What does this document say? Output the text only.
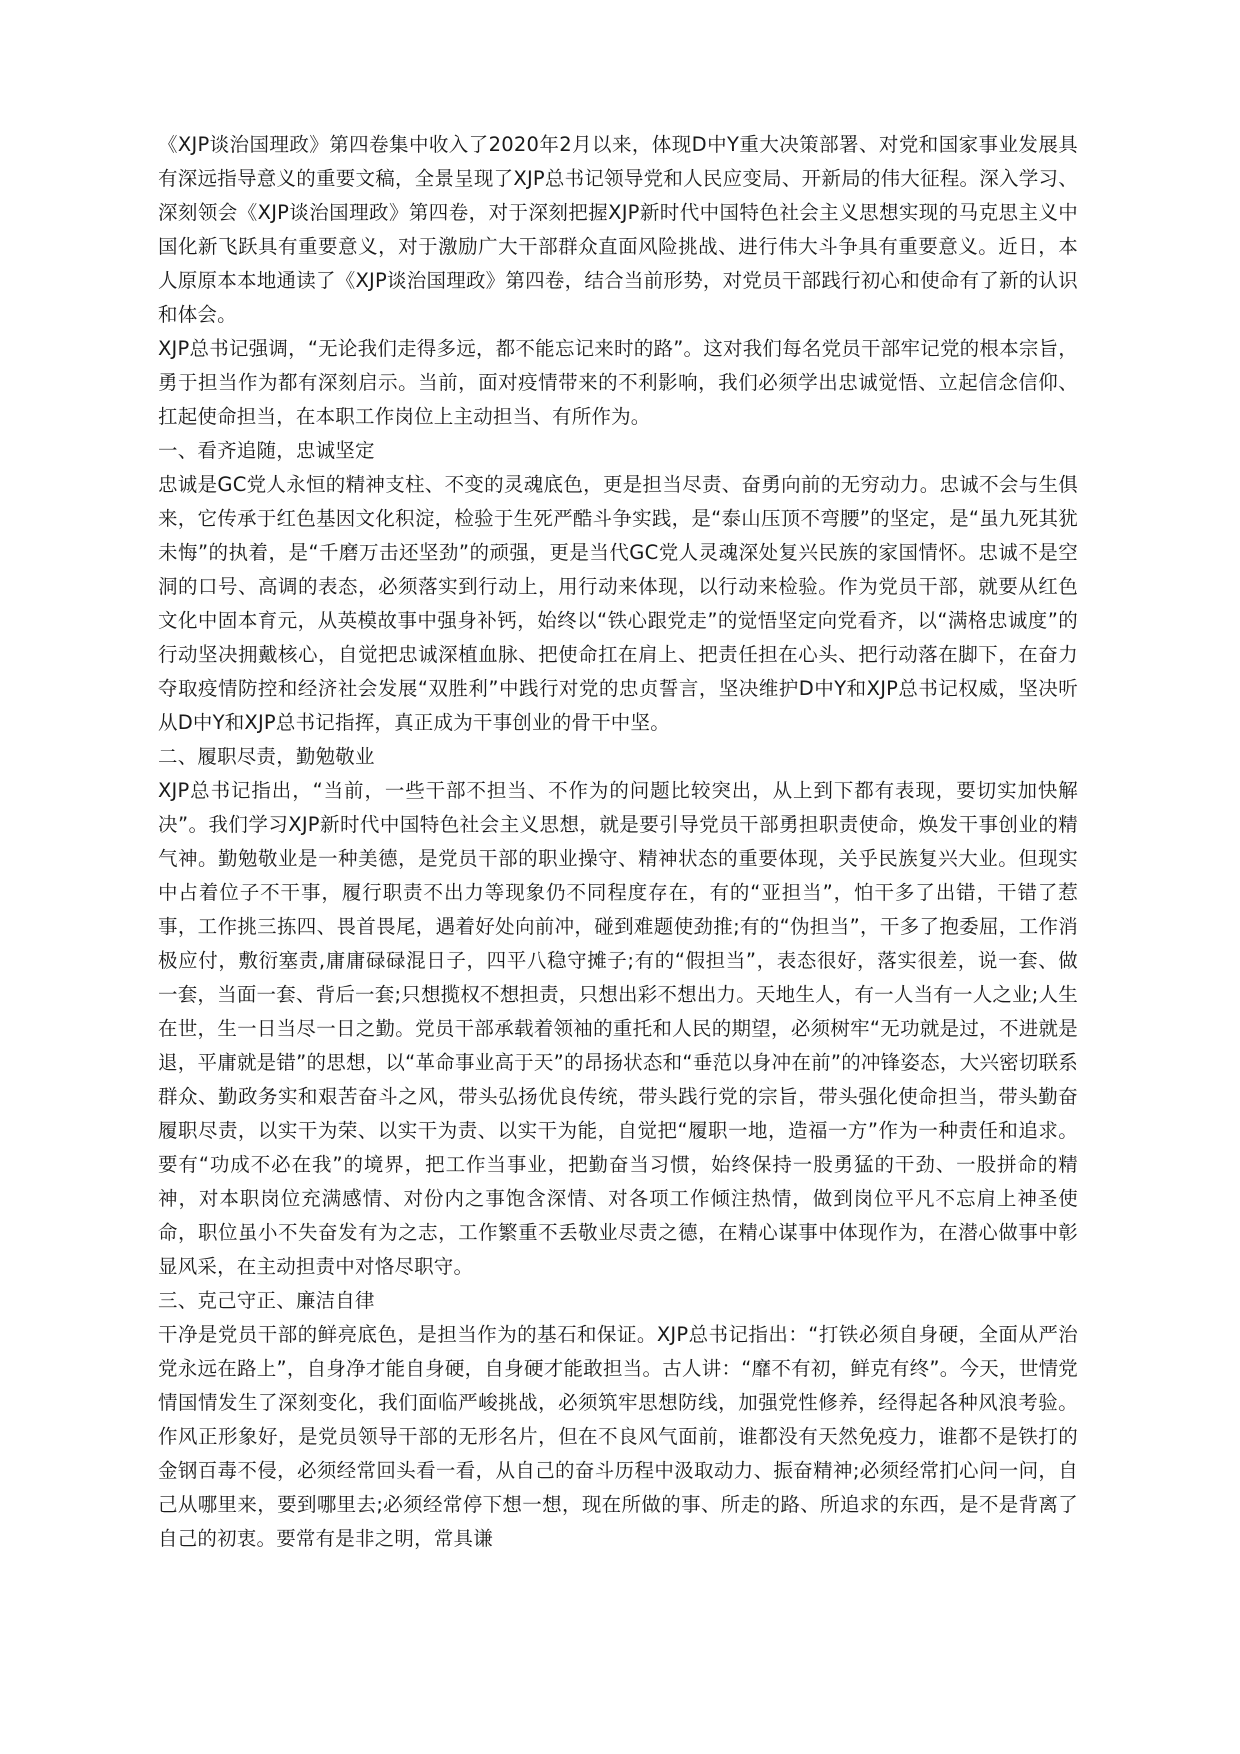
《XJP谈治国理政》第四卷集中收入了2020年2月以来，体现D中Y重大决策部署、对党和国家事业发展具有深远指导意义的重要文稿，全景呈现了XJP总书记领导党和人民应变局、开新局的伟大征程。深入学习、深刻领会《XJP谈治国理政》第四卷，对于深刻把握XJP新时代中国特色社会主义思想实现的马克思主义中国化新飞跃具有重要意义，对于激励广大干部群众直面风险挑战、进行伟大斗争具有重要意义。近日，本人原原本本地通读了《XJP谈治国理政》第四卷，结合当前形势，对党员干部践行初心和使命有了新的认识和体会。

XJP总书记强调，“无论我们走得多远，都不能忘记来时的路”。这对我们每名党员干部牢记党的根本宗旨，勇于担当作为都有深刻启示。当前，面对疫情带来的不利影响，我们必须学出忠诚觉悟、立起信念信仰、扛起使命担当，在本职工作岗位上主动担当、有所作为。

一、看齐追随，忠诚坚定

忠诚是GC党人永恒的精神支柱、不变的灵魂底色，更是担当尽责、奋勇向前的无穷动力。忠诚不会与生俱来，它传承于红色基因文化积淀，检验于生死严酷斗争实践，是“泰山压顶不弯腰”的坚定，是“虽九死其犹未悔”的执着，是“千磨万击还坚劲”的顽强，更是当代GC党人灵魂深处复兴民族的家国情怀。忠诚不是空洞的口号、高调的表态，必须落实到行动上，用行动来体现，以行动来检验。作为党员干部，就要从红色文化中固本育元，从英模故事中强身补钙，始终以“铁心跟党走”的觉悟坚定向党看齐，以“满格忠诚度”的行动坚决拥戴核心，自觉把忠诚深植血脉、把使命扛在肩上、把责任担在心头、把行动落在脚下，在奋力夺取疫情防控和经济社会发展“双胜利”中践行对党的忠贞誓言，坚决维护D中Y和XJP总书记权威，坚决听从D中Y和XJP总书记指挥，真正成为干事创业的骨干中坚。

二、履职尽责，勤勉敬业

XJP总书记指出，“当前，一些干部不担当、不作为的问题比较突出，从上到下都有表现，要切实加快解决”。我们学习XJP新时代中国特色社会主义思想，就是要引导党员干部勇担职责使命，焕发干事创业的精气神。勤勉敬业是一种美德，是党员干部的职业操守、精神状态的重要体现，关乎民族复兴大业。但现实中占着位子不干事，履行职责不出力等现象仍不同程度存在，有的“亚担当”，怕干多了出错，干错了惹事，工作挑三拣四、畏首畏尾，遇着好处向前冲，碰到难题使劲推;有的“伪担当”，干多了抱委屈，工作消极应付，敷衍塞责,庸庸碌碌混日子，四平八稳守摊子;有的“假担当”，表态很好，落实很差，说一套、做一套，当面一套、背后一套;只想揽权不想担责，只想出彩不想出力。天地生人，有一人当有一人之业;人生在世，生一日当尽一日之勤。党员干部承载着领袖的重托和人民的期望，必须树牢“无功就是过，不进就是退，平庸就是错”的思想，以“革命事业高于天”的昂扬状态和“垂范以身冲在前”的冲锋姿态，大兴密切联系群众、勤政务实和艰苦奋斗之风，带头弘扬优良传统，带头践行党的宗旨，带头强化使命担当，带头勤奋履职尽责，以实干为荣、以实干为责、以实干为能，自觉把“履职一地，造福一方”作为一种责任和追求。要有“功成不必在我”的境界，把工作当事业，把勤奋当习惯，始终保持一股勇猛的干劲、一股拼命的精神，对本职岗位充满感情、对份内之事饱含深情、对各项工作倾注热情，做到岗位平凡不忘肩上神圣使命，职位虽小不失奋发有为之志，工作繁重不丢敬业尽责之德，在精心谋事中体现作为，在潜心做事中彰显风采，在主动担责中对恪尽职守。

三、克己守正、廉洁自律

干净是党员干部的鲜亮底色，是担当作为的基石和保证。XJP总书记指出：“打铁必须自身硬，全面从严治党永远在路上”，自身净才能自身硬，自身硬才能敢担当。古人讲：“靡不有初，鲜克有终”。今天，世情党情国情发生了深刻变化，我们面临严峻挑战，必须筑牢思想防线，加强党性修养，经得起各种风浪考验。作风正形象好，是党员领导干部的无形名片，但在不良风气面前，谁都没有天然免疫力，谁都不是铁打的金钢百毒不侵，必须经常回头看一看，从自己的奋斗历程中汲取动力、振奋精神;必须经常扪心问一问，自己从哪里来，要到哪里去;必须经常停下想一想，现在所做的事、所走的路、所追求的东西，是不是背离了自己的初衷。要常有是非之明，常具谦
